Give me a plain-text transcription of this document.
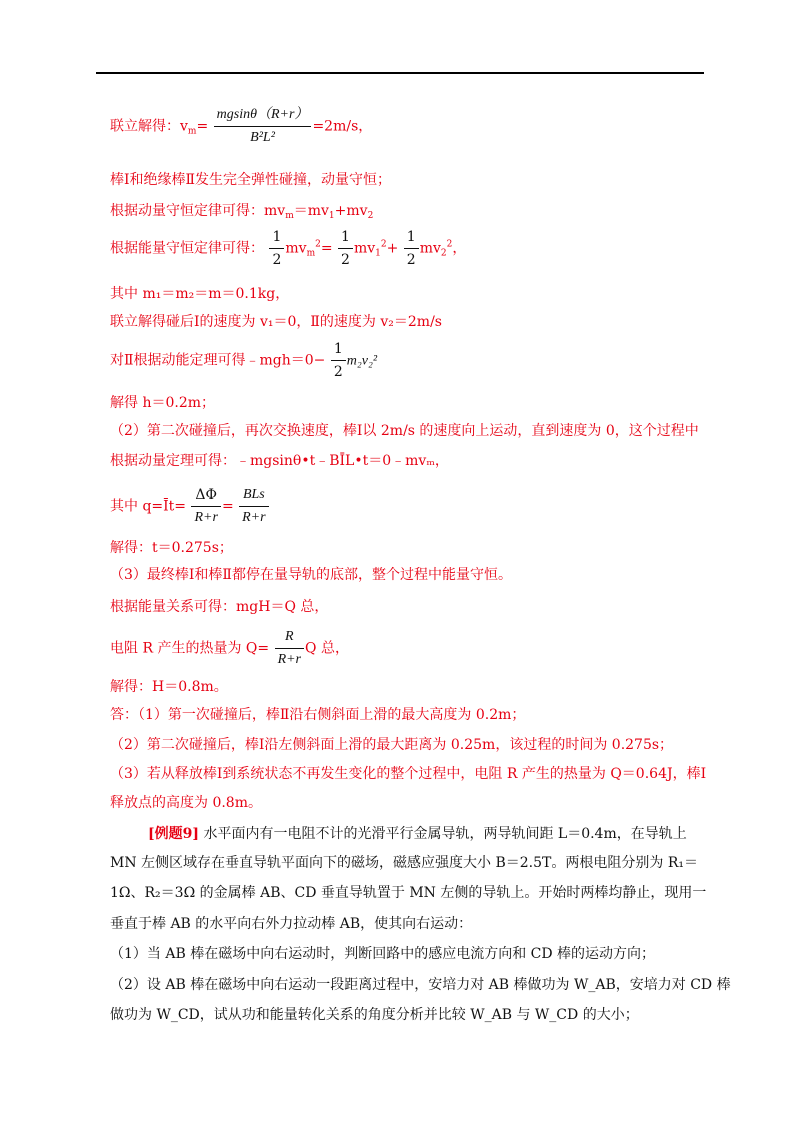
联立解得：$v_m= \frac{mgsin\theta(R+r)}{\text{B²L²}} =2m/s$，
棒Ⅰ和绝缘棒Ⅱ发生完全弹性碰撞，动量守恒；
根据动量守恒定律可得：$mv_m=mv_1+mv_2$
根据能量守恒定律可得： $\frac{1}{2} mv_m^2= \frac{1}{2} mv_1^2+ \frac{1}{2} mv_2^2$，
其中 m₁＝m₂＝m＝0.1kg，
联立解得碰后Ⅰ的速度为 v₁＝0，Ⅱ的速度为 v₂＝2m/s
对Ⅱ根据动能定理可得﹣mgh＝0− $\frac{1}{2} m_2v_2^2$
解得 h＝0.2m；
（2）第二次碰撞后，再次交换速度，棒Ⅰ以 2m/s 的速度向上运动，直到速度为 0，这个过程中
根据动量定理可得：﹣mgsinθ•t﹣BĪL•t＝0﹣mvₘ，
其中 q=Īt= $\frac{\Delta\Phi}{R+r} = \frac{\text{BLs}}{R+r}$
解得：t＝0.275s；
（3）最终棒Ⅰ和棒Ⅱ都停在量导轨的底部，整个过程中能量守恒。
根据能量关系可得：mgH＝Q 总，
电阻 R 产生的热量为 $Q= \frac{R}{R+r}$ Q 总，
解得：H＝0.8m。
答：（1）第一次碰撞后，棒Ⅱ沿右侧斜面上滑的最大高度为 0.2m；
（2）第二次碰撞后，棒Ⅰ沿左侧斜面上滑的最大距离为 0.25m，该过程的时间为 0.275s；
（3）若从释放棒Ⅰ到系统状态不再发生变化的整个过程中，电阻 R 产生的热量为 Q＝0.64J，棒Ⅰ
释放点的高度为 0.8m。
[例题9] 水平面内有一电阻不计的光滑平行金属导轨，两导轨间距 L＝0.4m，在导轨上
MN 左侧区域存在垂直导轨平面向下的磁场，磁感应强度大小 B＝2.5T。两根电阻分别为 R₁＝
1Ω、R₂＝3Ω 的金属棒 AB、CD 垂直导轨置于 MN 左侧的导轨上。开始时两棒均静止，现用一
垂直于棒 AB 的水平向右外力拉动棒 AB，使其向右运动：
（1）当 AB 棒在磁场中向右运动时，判断回路中的感应电流方向和 CD 棒的运动方向；
（2）设 AB 棒在磁场中向右运动一段距离过程中，安培力对 AB 棒做功为 W_AB，安培力对 CD 棒
做功为 W_CD，试从功和能量转化关系的角度分析并比较 W_AB 与 W_CD 的大小；
